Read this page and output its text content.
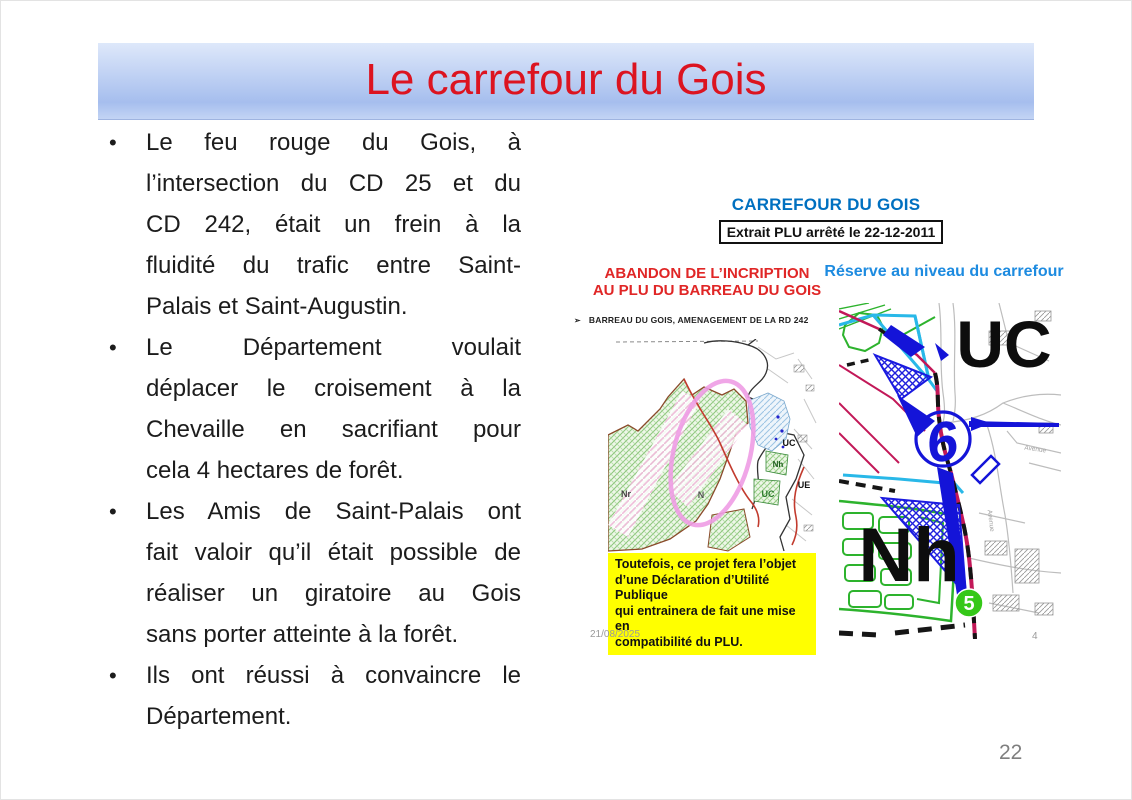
Le carrefour du Gois
• Le feu rouge du Gois, à
l’intersection du CD 25 et du
CD 242, était un frein à la
fluidité du trafic entre Saint-
Palais et Saint-Augustin.
• Le Département voulait
déplacer le croisement à la
Chevaille en sacrifiant pour
cela 4 hectares de forêt.
• Les Amis de Saint-Palais ont
fait valoir qu’il était possible de
réaliser un giratoire au Gois
sans porter atteinte à la forêt.
• Ils ont réussi à convaincre le
Département.
CARREFOUR DU GOIS
Extrait PLU arrêté le 22-12-2011
ABANDON DE L’INCRIPTION
AU PLU DU BARREAU DU GOIS
Réserve au niveau du carrefour
➢ BARREAU DU GOIS, AMENAGEMENT DE LA RD 242
Nr	N
UC
Nh
UE
UC
6
UC
Nh
5
Avenue
Avenue
Toutefois, ce projet fera l’objet
d’une Déclaration d’Utilité Publique
qui entrainera de fait une mise en
compatibilité du PLU.
21/08/2025	4
22
